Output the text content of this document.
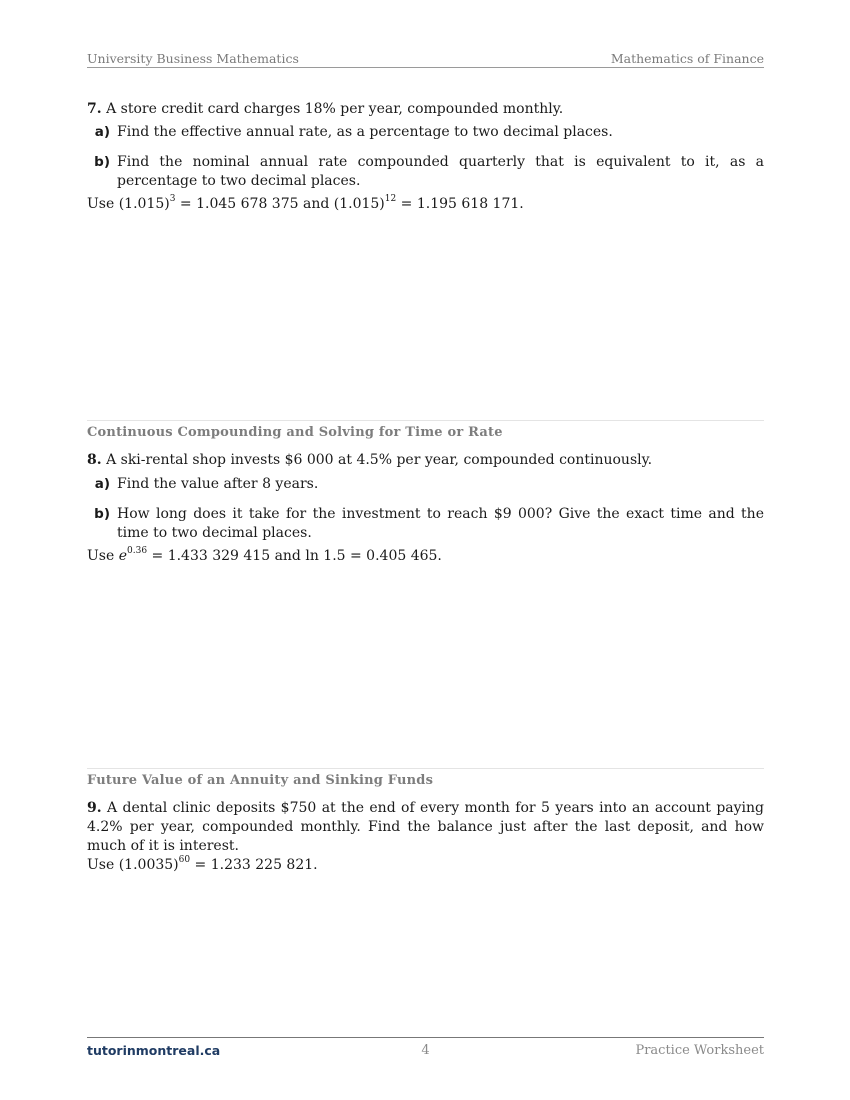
University Business Mathematics	Mathematics of Finance
7. A store credit card charges 18% per year, compounded monthly.
a) Find the effective annual rate, as a percentage to two decimal places.
b) Find the nominal annual rate compounded quarterly that is equivalent to it, as a percentage to two decimal places.
Use $(1.015)^3 = 1.045$ 678 375 and $(1.015)^{12} = 1.195$ 618 171.
Continuous Compounding and Solving for Time or Rate
8. A ski-rental shop invests $6 000 at 4.5% per year, compounded continuously.
a) Find the value after 8 years.
b) How long does it take for the investment to reach $9 000? Give the exact time and the time to two decimal places.
Use $e^{0.36} = 1.433$ 329 415 and ln 1.5 = 0.405 465.
Future Value of an Annuity and Sinking Funds
9. A dental clinic deposits $750 at the end of every month for 5 years into an account paying 4.2% per year, compounded monthly. Find the balance just after the last deposit, and how much of it is interest.
Use $(1.0035)^{60} = 1.233$ 225 821.
tutorinmontreal.ca	4	Practice Worksheet
